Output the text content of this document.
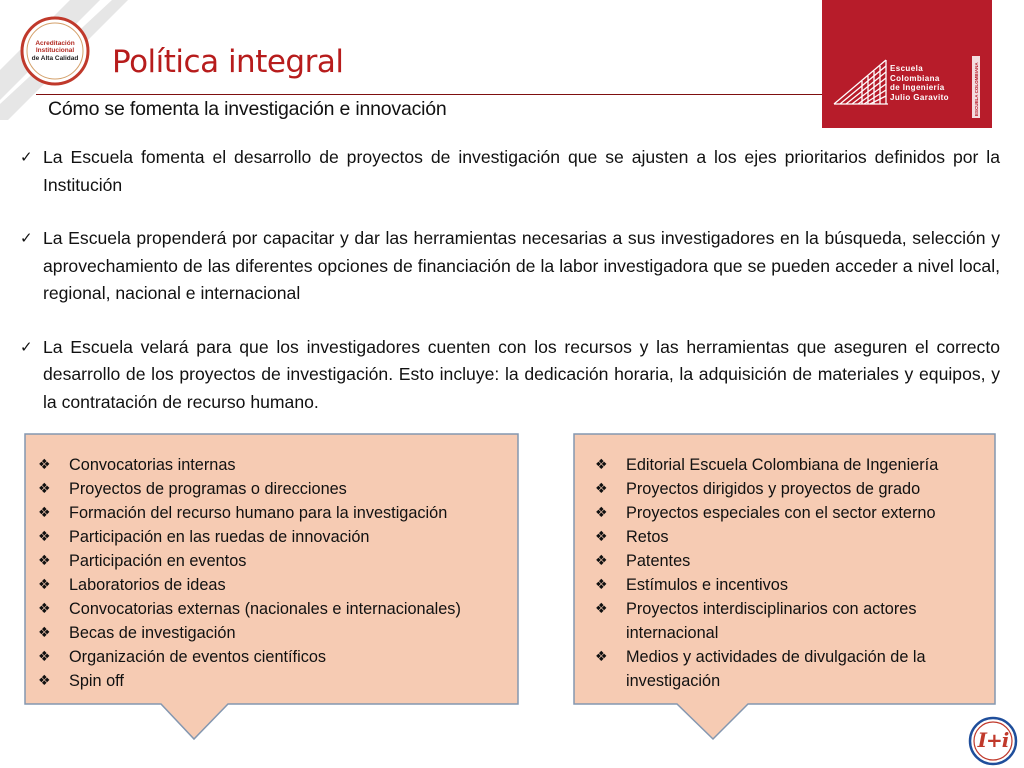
Acreditación
Institucional
de Alta Calidad Política integral
Cómo se fomenta la investigación e innovación
Escuela
Colombiana
de Ingeniería
Julio Garavito	ESCUELA COLOMBIANA
✓ La Escuela fomenta el desarrollo de proyectos de investigación que se ajusten a los ejes prioritarios definidos por la Institución
✓ La Escuela propenderá por capacitar y dar las herramientas necesarias a sus investigadores en la búsqueda, selección y aprovechamiento de las diferentes opciones de financiación de la labor investigadora que se pueden acceder a nivel local, regional, nacional e internacional
✓ La Escuela velará para que los investigadores cuenten con los recursos y las herramientas que aseguren el correcto desarrollo de los proyectos de investigación. Esto incluye: la dedicación horaria, la adquisición de materiales y equipos, y la contratación de recurso humano.
❖ Convocatorias internas
❖ Proyectos de programas o direcciones
❖ Formación del recurso humano para la investigación
❖ Participación en las ruedas de innovación
❖ Participación en eventos
❖ Laboratorios de ideas
❖ Convocatorias externas (nacionales e internacionales)
❖ Becas de investigación
❖ Organización de eventos científicos
❖ Spin off
❖ Editorial Escuela Colombiana de Ingeniería
❖ Proyectos dirigidos y proyectos de grado
❖ Proyectos especiales con el sector externo
❖ Retos
❖ Patentes
❖ Estímulos e incentivos
❖ Proyectos interdisciplinarios con actores internacional
❖ Medios y actividades de divulgación de la investigación
I+i
